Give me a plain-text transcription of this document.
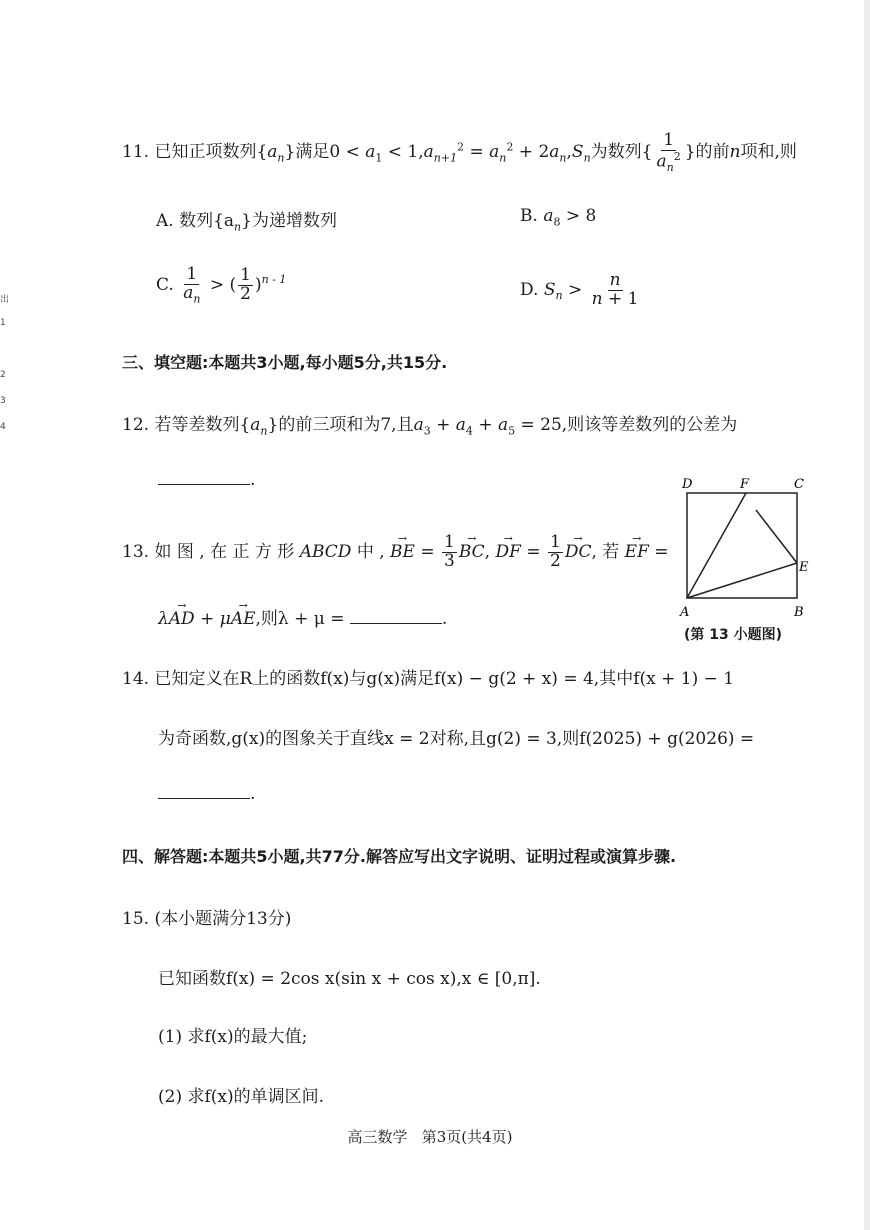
出
1
2
3
4
11. 已知正项数列$\{a_n\}$满足$0 < a_1 < 1,a_{n+1}^2 = a_n^2 + 2a_n,S_n$为数列{ $\frac{1}{a_n^2}$ }的前n项和,则
A. 数列$\{a_n\}$为递增数列	B. $a_8 > 8$
C. $\frac{1}{a_n}$ > ( $\frac{1}{2} )^{n - 1}$
D. $S_n > \frac{n}{n + 1}$
三、填空题:本题共3小题,每小题5分,共15分.
12. 若等差数列$\{a_n\}$的前三项和为7,且$a_3 + a_4 + a_5 = 25$,则该等差数列的公差为
.
13. 如 图 , 在 正 方 形 ABCD 中 , → BE = $\frac{1}{3}$ → BC, → DF = $\frac{1}{2}$ → DC, 若 → EF =
λ→ AD + μ→ AE,则λ + μ =	.
D	F	C
E
A	B
(第 13 小题图)
14. 已知定义在R上的函数f(x)与g(x)满足f(x) − g(2 + x) = 4,其中f(x + 1) − 1
为奇函数,g(x)的图象关于直线x = 2对称,且g(2) = 3,则f(2025) + g(2026) =
.
四、解答题:本题共5小题,共77分.解答应写出文字说明、证明过程或演算步骤.
15. (本小题满分13分)
已知函数f(x) = 2cos x(sin x + cos x),x ∈ [0,π].
(1) 求f(x)的最大值;
(2) 求f(x)的单调区间.
高三数学   第3页(共4页)
